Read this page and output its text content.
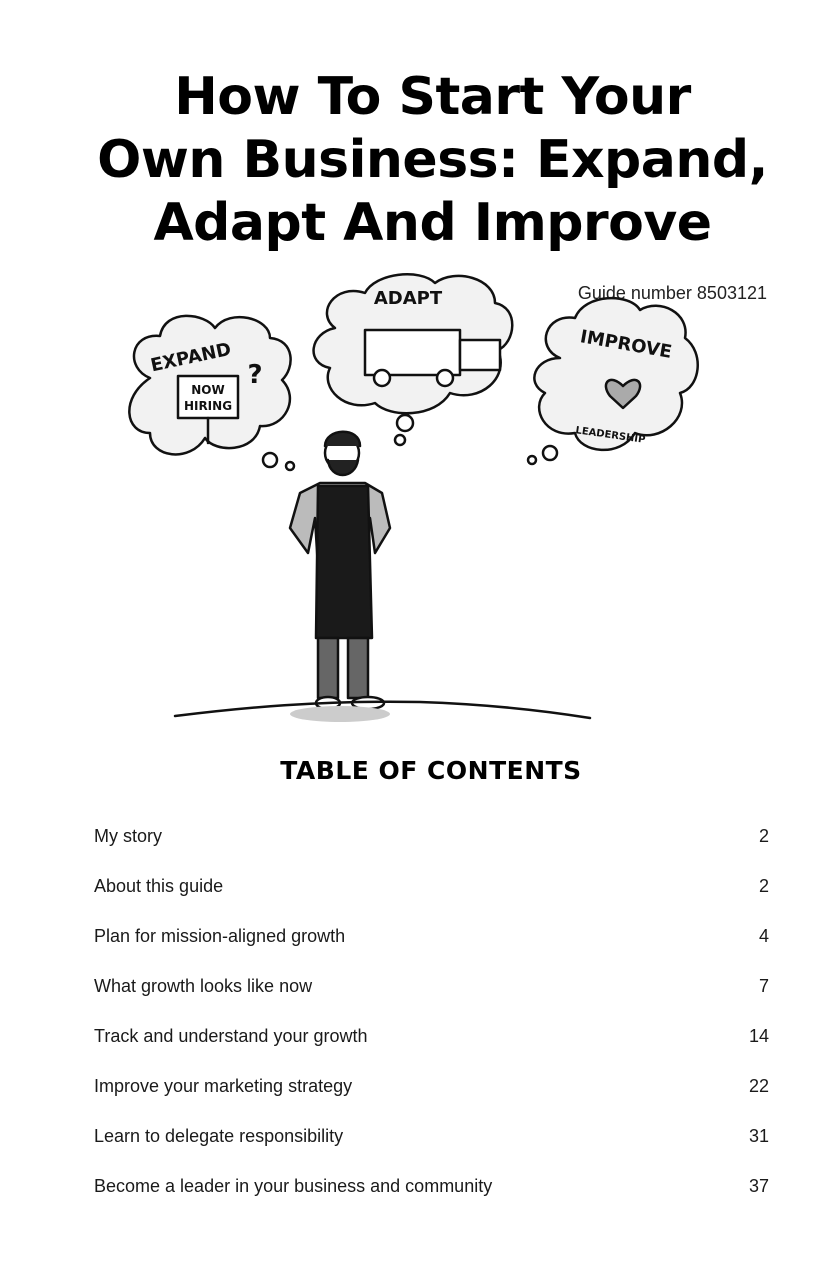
How To Start Your
Own Business: Expand,
Adapt And Improve
Guide number 8503121
EXPAND
NOW
HIRING
?
ADAPT
IMPROVE
LEADERSHIP
TABLE OF CONTENTS
My story	2
About this guide	2
Plan for mission-aligned growth	4
What growth looks like now	7
Track and understand your growth	14
Improve your marketing strategy	22
Learn to delegate responsibility	31
Become a leader in your business and community	37
